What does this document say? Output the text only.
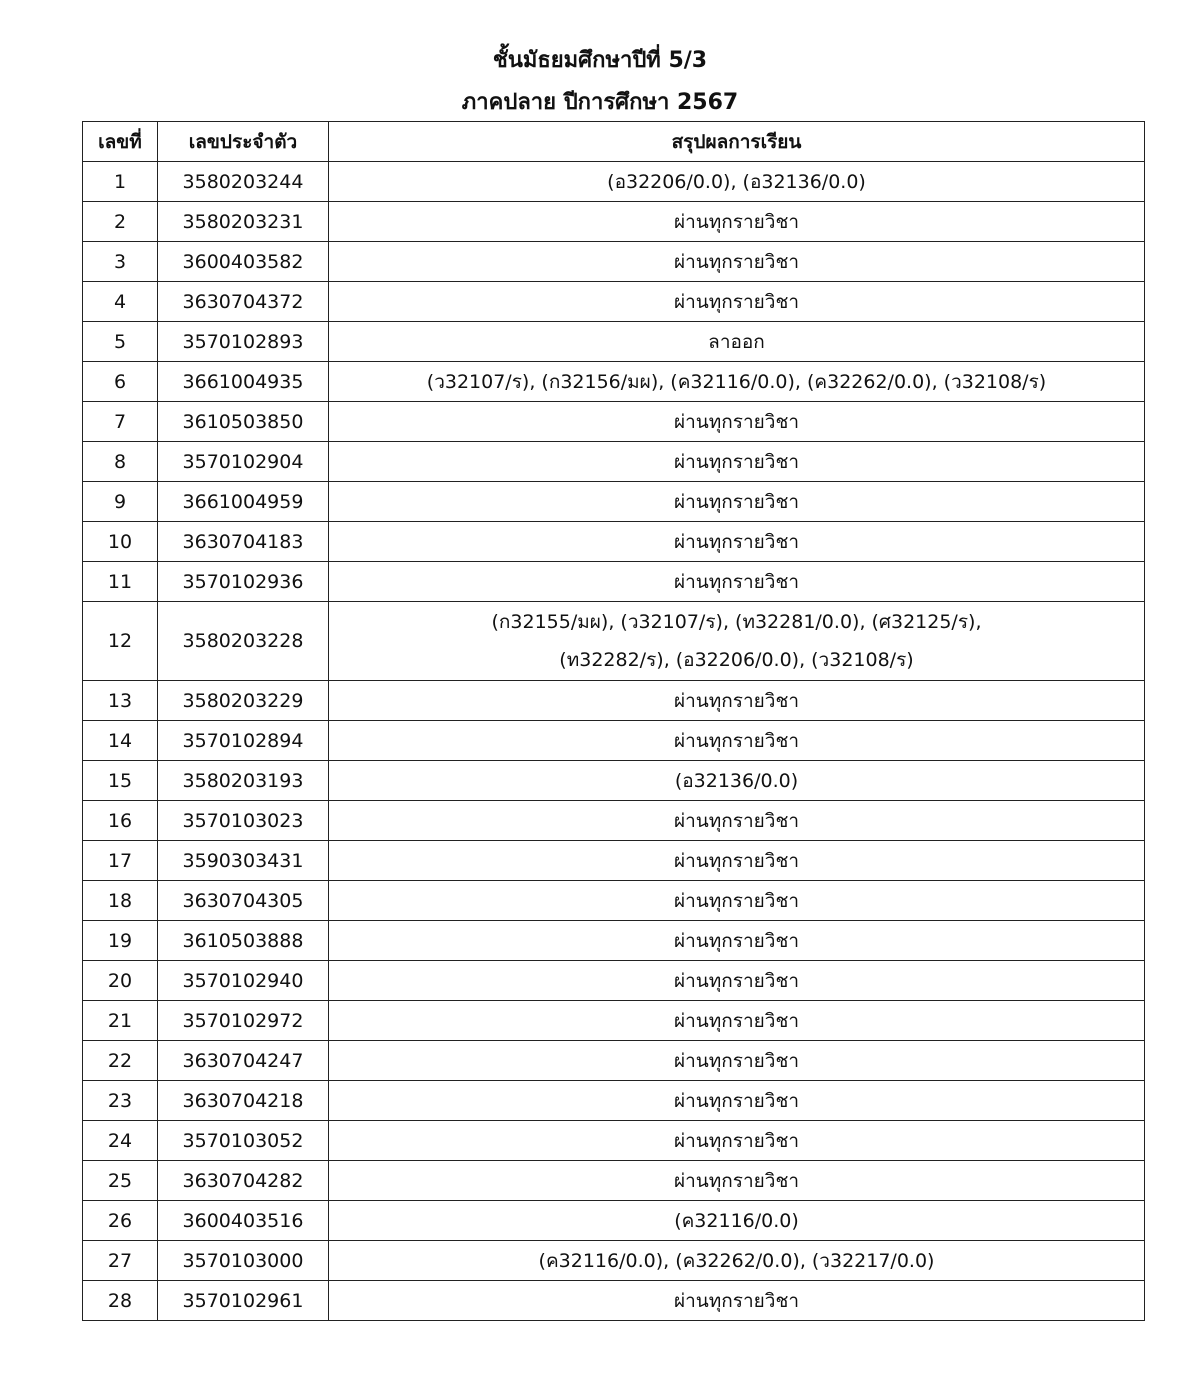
ชั้นมัธยมศึกษาปีที่ 5/3
ภาคปลาย ปีการศึกษา 2567
เลขที่	เลขประจำตัว	สรุปผลการเรียน
1	3580203244	(อ32206/0.0), (อ32136/0.0)

2	3580203231	ผ่านทุกรายวิชา

3	3600403582	ผ่านทุกรายวิชา

4	3630704372	ผ่านทุกรายวิชา

5	3570102893	ลาออก

6	3661004935	(ว32107/ร), (ก32156/มผ), (ค32116/0.0), (ค32262/0.0), (ว32108/ร)

7	3610503850	ผ่านทุกรายวิชา

8	3570102904	ผ่านทุกรายวิชา

9	3661004959	ผ่านทุกรายวิชา

10	3630704183	ผ่านทุกรายวิชา

11	3570102936	ผ่านทุกรายวิชา

12	3580203228	(ก32155/มผ), (ว32107/ร), (ท32281/0.0), (ศ32125/ร),
(ท32282/ร), (อ32206/0.0), (ว32108/ร)

13	3580203229	ผ่านทุกรายวิชา

14	3570102894	ผ่านทุกรายวิชา

15	3580203193	(อ32136/0.0)

16	3570103023	ผ่านทุกรายวิชา

17	3590303431	ผ่านทุกรายวิชา

18	3630704305	ผ่านทุกรายวิชา

19	3610503888	ผ่านทุกรายวิชา

20	3570102940	ผ่านทุกรายวิชา

21	3570102972	ผ่านทุกรายวิชา

22	3630704247	ผ่านทุกรายวิชา

23	3630704218	ผ่านทุกรายวิชา

24	3570103052	ผ่านทุกรายวิชา

25	3630704282	ผ่านทุกรายวิชา

26	3600403516	(ค32116/0.0)

27	3570103000	(ค32116/0.0), (ค32262/0.0), (ว32217/0.0)

28	3570102961	ผ่านทุกรายวิชา
